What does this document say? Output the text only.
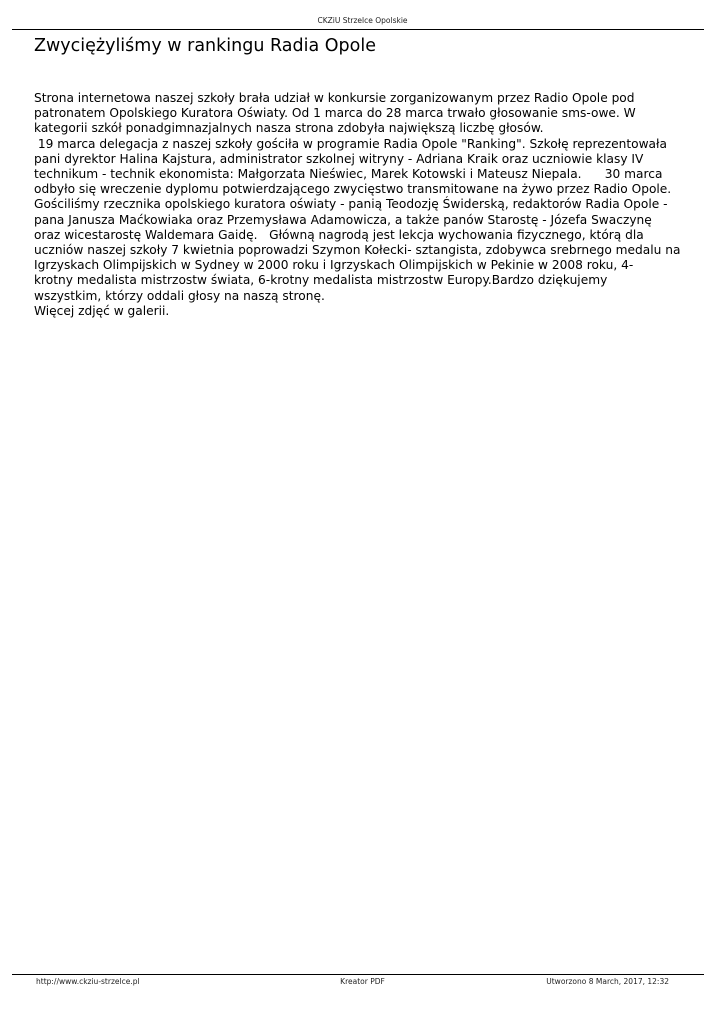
CKZiU Strzelce Opolskie
Zwyciężyliśmy w rankingu Radia Opole
Strona internetowa naszej szkoły brała udział w konkursie zorganizowanym przez Radio Opole pod
patronatem Opolskiego Kuratora Oświaty. Od 1 marca do 28 marca trwało głosowanie sms-owe. W
kategorii szkół ponadgimnazjalnych nasza strona zdobyła największą liczbę głosów.
19 marca delegacja z naszej szkoły gościła w programie Radia Opole "Ranking". Szkołę reprezentowała
pani dyrektor Halina Kajstura, administrator szkolnej witryny - Adriana Kraik oraz uczniowie klasy IV
technikum - technik ekonomista: Małgorzata Nieświec, Marek Kotowski i Mateusz Niepala.      30 marca
odbyło się wreczenie dyplomu potwierdzającego zwycięstwo transmitowane na żywo przez Radio Opole.
Gościliśmy rzecznika opolskiego kuratora oświaty - panią Teodozję Świderską, redaktorów Radia Opole -
pana Janusza Maćkowiaka oraz Przemysława Adamowicza, a także panów Starostę - Józefa Swaczynę
oraz wicestarostę Waldemara Gaidę.   Główną nagrodą jest lekcja wychowania fizycznego, którą dla
uczniów naszej szkoły 7 kwietnia poprowadzi Szymon Kołecki- sztangista, zdobywca srebrnego medalu na
Igrzyskach Olimpijskich w Sydney w 2000 roku i Igrzyskach Olimpijskich w Pekinie w 2008 roku, 4-
krotny medalista mistrzostw świata, 6-krotny medalista mistrzostw Europy.Bardzo dziękujemy
wszystkim, którzy oddali głosy na naszą stronę.
Więcej zdjęć w galerii.
http://www.ckziu-strzelce.pl	Kreator PDF	Utworzono 8 March, 2017, 12:32
